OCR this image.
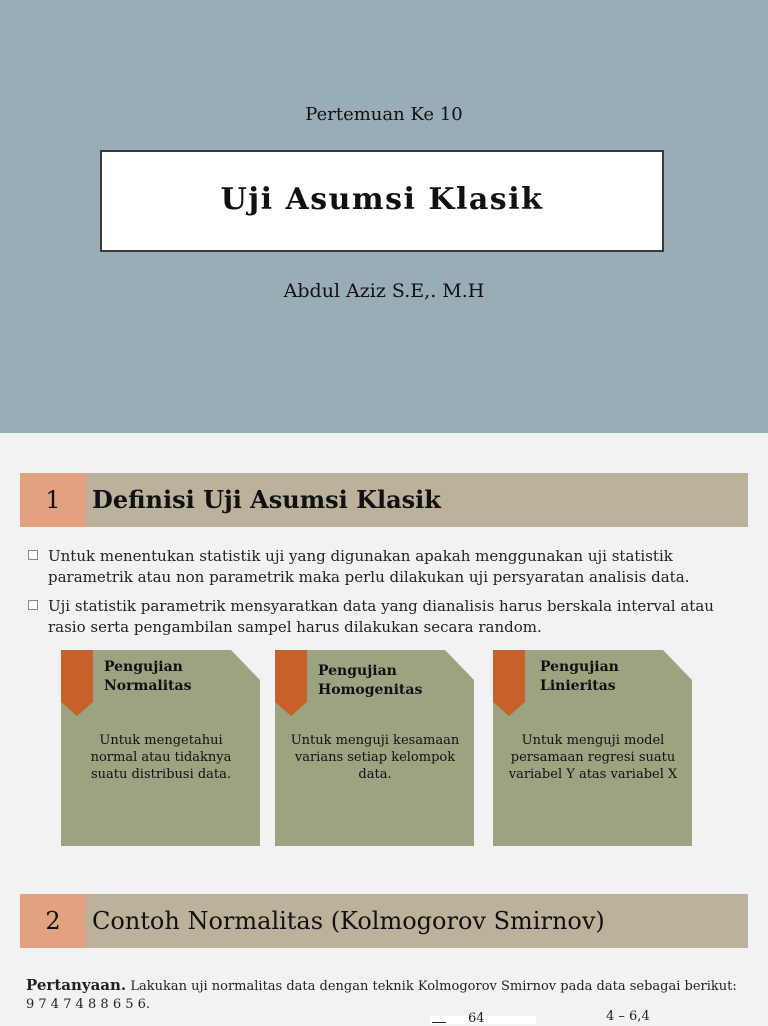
Pertemuan Ke 10
Uji Asumsi Klasik
Abdul Aziz S.E,. M.H
1	Definisi Uji Asumsi Klasik
Untuk menentukan statistik uji yang digunakan apakah menggunakan uji statistik parametrik atau non parametrik maka perlu dilakukan uji persyaratan analisis data.
Uji statistik parametrik mensyaratkan data yang dianalisis harus berskala interval atau rasio serta pengambilan sampel harus dilakukan secara random.
Pengujian Normalitas
Untuk mengetahui normal atau tidaknya suatu distribusi data.
Pengujian Homogenitas
Untuk menguji kesamaan varians setiap kelompok data.
Pengujian Linieritas
Untuk menguji model persamaan regresi suatu variabel Y atas variabel X
2	Contoh Normalitas (Kolmogorov Smirnov)
Pertanyaan. Lakukan uji normalitas data dengan teknik Kolmogorov Smirnov pada data sebagai berikut: 9 7 4 7 4 8 8 6 5 6.
64	4 – 6,4
